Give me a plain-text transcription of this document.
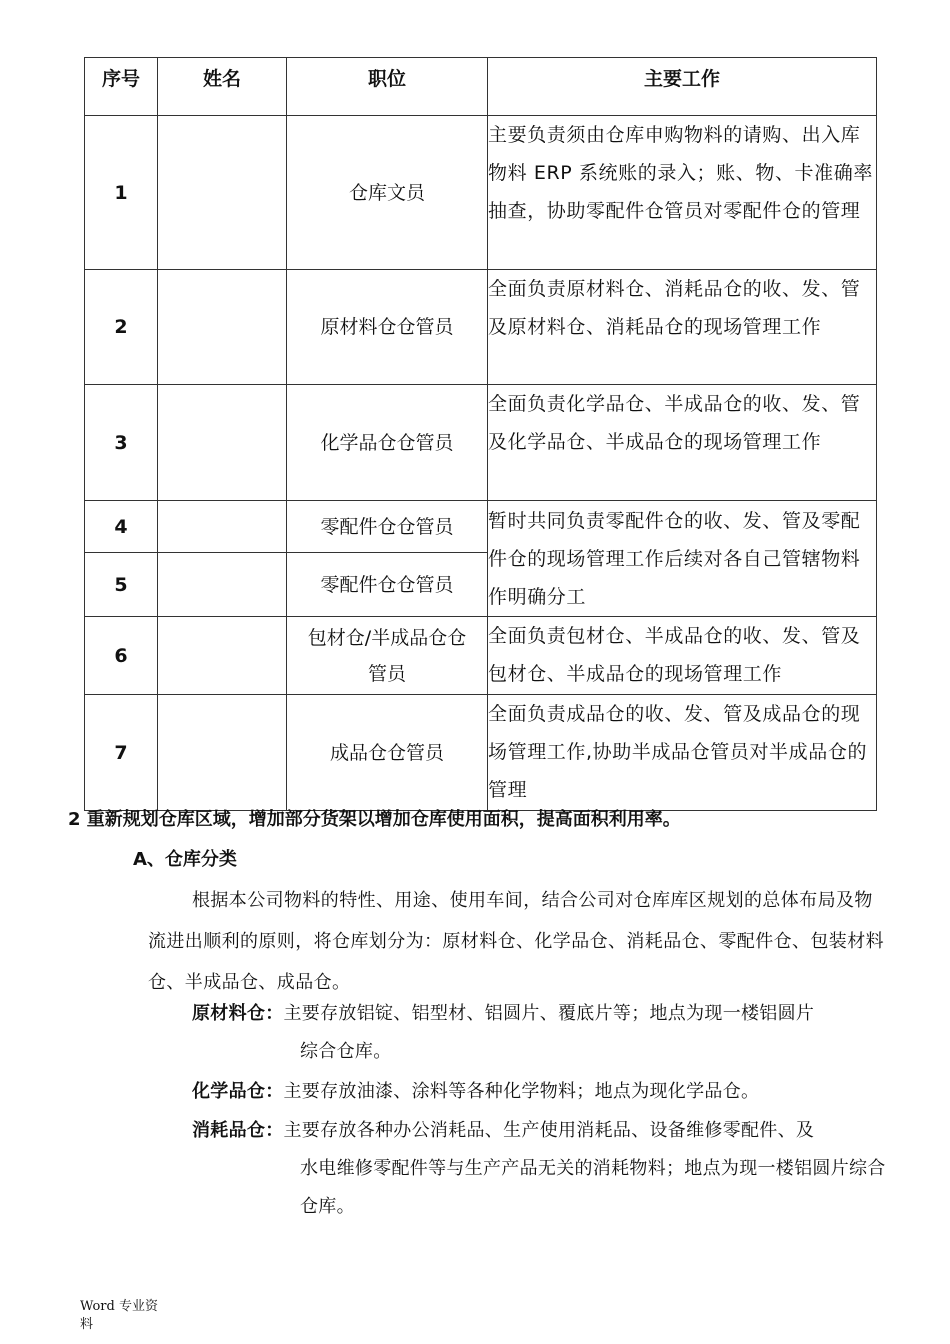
序号	姓名	职位	主要工作
1		仓库文员	主要负责须由仓库申购物料的请购、出入库物料 ERP 系统账的录入；账、物、卡准确率抽查，协助零配件仓管员对零配件仓的管理
2		原材料仓仓管员	全面负责原材料仓、消耗品仓的收、发、管及原材料仓、消耗品仓的现场管理工作
3		化学品仓仓管员	全面负责化学品仓、半成品仓的收、发、管及化学品仓、半成品仓的现场管理工作
4		零配件仓仓管员	暂时共同负责零配件仓的收、发、管及零配件仓的现场管理工作后续对各自己管辖物料作明确分工
5		零配件仓仓管员	
6		包材仓/半成品仓仓管员	全面负责包材仓、半成品仓的收、发、管及包材仓、半成品仓的现场管理工作
7		成品仓仓管员	全面负责成品仓的收、发、管及成品仓的现场管理工作,协助半成品仓管员对半成品仓的管理
2 重新规划仓库区域，增加部分货架以增加仓库使用面积，提高面积利用率。
A、仓库分类
根据本公司物料的特性、用途、使用车间，结合公司对仓库库区规划的总体布局及物流进出顺利的原则，将仓库划分为：原材料仓、化学品仓、消耗品仓、零配件仓、包装材料仓、半成品仓、成品仓。
原材料仓：主要存放铝锭、铝型材、铝圆片、覆底片等；地点为现一楼铝圆片
综合仓库。
化学品仓：主要存放油漆、涂料等各种化学物料；地点为现化学品仓。
消耗品仓：主要存放各种办公消耗品、生产使用消耗品、设备维修零配件、及
水电维修零配件等与生产产品无关的消耗物料；地点为现一楼铝圆片综合仓库。
Word 专业资料
